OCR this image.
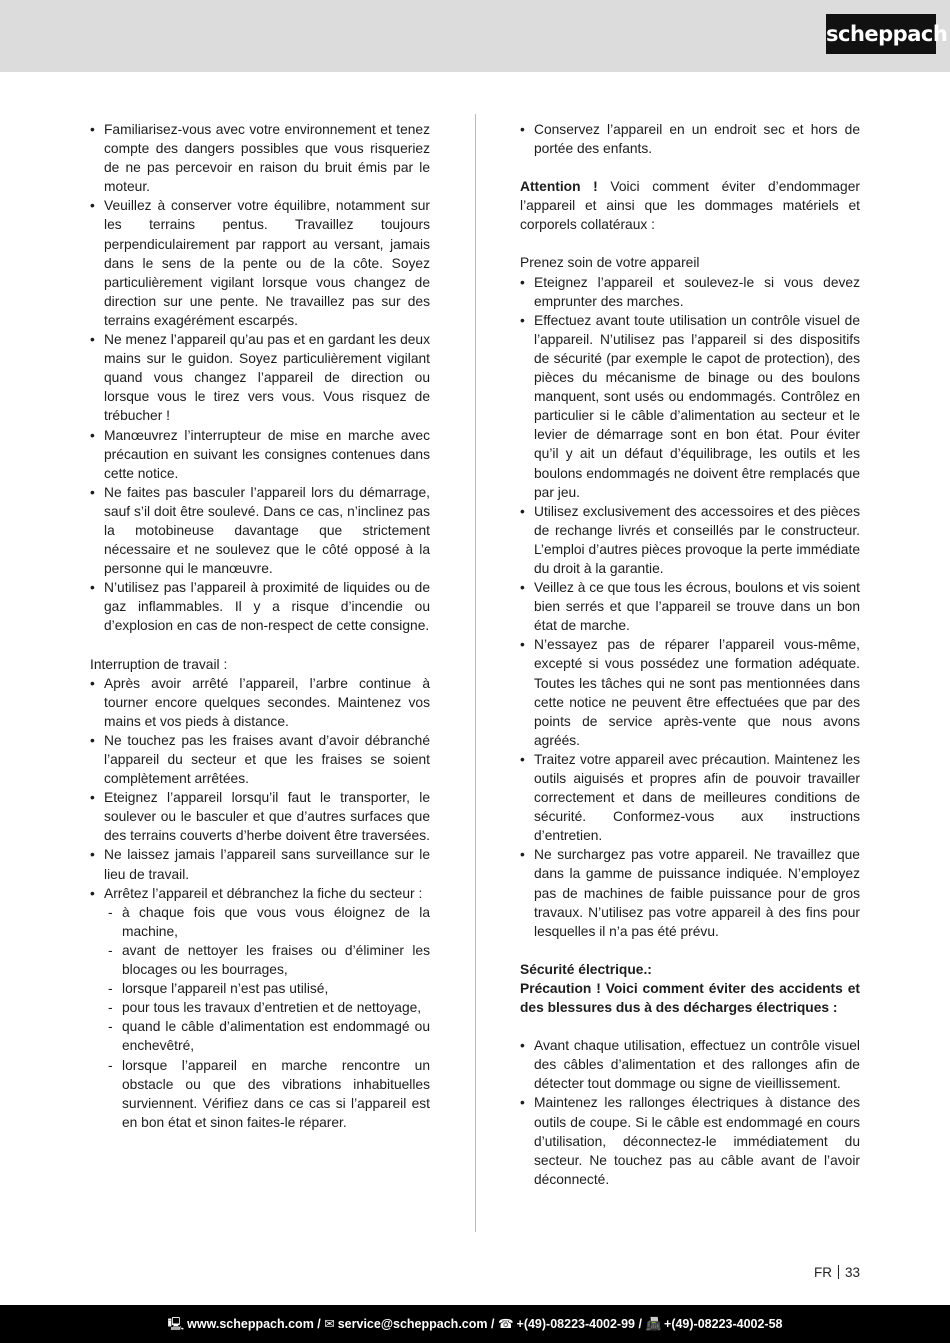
scheppach
• Familiarisez-vous avec votre environnement et tenez compte des dangers possibles que vous risqueriez de ne pas percevoir en raison du bruit émis par le moteur.
• Veuillez à conserver votre équilibre, notamment sur les terrains pentus. Travaillez toujours perpendiculairement par rapport au versant, jamais dans le sens de la pente ou de la côte. Soyez particulièrement vigilant lorsque vous changez de direction sur une pente. Ne travaillez pas sur des terrains exagérément escarpés.
• Ne menez l’appareil qu’au pas et en gardant les deux mains sur le guidon. Soyez particulièrement vigilant quand vous changez l’appareil de direction ou lorsque vous le tirez vers vous. Vous risquez de trébucher !
• Manœuvrez l’interrupteur de mise en marche avec précaution en suivant les consignes contenues dans cette notice.
• Ne faites pas basculer l’appareil lors du démarrage, sauf s’il doit être soulevé. Dans ce cas, n’inclinez pas la motobineuse davantage que strictement nécessaire et ne soulevez que le côté opposé à la personne qui le manœuvre.
• N’utilisez pas l’appareil à proximité de liquides ou de gaz inflammables. Il y a risque d’incendie ou d’explosion en cas de non-respect de cette consigne.

Interruption de travail :

• Après avoir arrêté l’appareil, l’arbre continue à tourner encore quelques secondes. Maintenez vos mains et vos pieds à distance.
• Ne touchez pas les fraises avant d’avoir débranché l’appareil du secteur et que les fraises se soient complètement arrêtées.
• Eteignez l’appareil lorsqu’il faut le transporter, le soulever ou le basculer et que d’autres surfaces que des terrains couverts d’herbe doivent être traversées.
• Ne laissez jamais l’appareil sans surveillance sur le lieu de travail.
• Arrêtez l’appareil et débranchez la fiche du secteur :
- à chaque fois que vous vous éloignez de la machine,
- avant de nettoyer les fraises ou d’éliminer les blocages ou les bourrages,
- lorsque l’appareil n’est pas utilisé,
- pour tous les travaux d’entretien et de nettoyage,
- quand le câble d’alimentation est endommagé ou enchevêtré,
- lorsque l’appareil en marche rencontre un obstacle ou que des vibrations inhabituelles surviennent. Vérifiez dans ce cas si l’appareil est en bon état et sinon faites-le réparer.
• Conservez l’appareil en un endroit sec et hors de portée des enfants.

Attention ! Voici comment éviter d’endommager l’appareil et ainsi que les dommages matériels et corporels collatéraux :

Prenez soin de votre appareil

• Eteignez l’appareil et soulevez-le si vous devez emprunter des marches.
• Effectuez avant toute utilisation un contrôle visuel de l’appareil. N’utilisez pas l’appareil si des dispositifs de sécurité (par exemple le capot de protection), des pièces du mécanisme de binage ou des boulons manquent, sont usés ou endommagés. Contrôlez en particulier si le câble d’alimentation au secteur et le levier de démarrage sont en bon état. Pour éviter qu’il y ait un défaut d’équilibrage, les outils et les boulons endommagés ne doivent être remplacés que par jeu.
• Utilisez exclusivement des accessoires et des pièces de rechange livrés et conseillés par le constructeur. L’emploi d’autres pièces provoque la perte immédiate du droit à la garantie.
• Veillez à ce que tous les écrous, boulons et vis soient bien serrés et que l’appareil se trouve dans un bon état de marche.
• N’essayez pas de réparer l’appareil vous-même, excepté si vous possédez une formation adéquate. Toutes les tâches qui ne sont pas mentionnées dans cette notice ne peuvent être effectuées que par des points de service après-vente que nous avons agréés.
• Traitez votre appareil avec précaution. Maintenez les outils aiguisés et propres afin de pouvoir travailler correctement et dans de meilleures conditions de sécurité. Conformez-vous aux instructions d’entretien.
• Ne surchargez pas votre appareil. Ne travaillez que dans la gamme de puissance indiquée. N’employez pas de machines de faible puissance pour de gros travaux. N’utilisez pas votre appareil à des fins pour lesquelles il n’a pas été prévu.

Sécurité électrique.:

Précaution ! Voici comment éviter des accidents et des blessures dus à des décharges électriques :

• Avant chaque utilisation, effectuez un contrôle visuel des câbles d’alimentation et des rallonges afin de détecter tout dommage ou signe de vieillissement.
• Maintenez les rallonges électriques à distance des outils de coupe. Si le câble est endommagé en cours d’utilisation, déconnectez-le immédiatement du secteur. Ne touchez pas au câble avant de l’avoir déconnecté.
FR 33
🖳 www.scheppach.com / ✉ service@scheppach.com / ☎ +(49)-08223-4002-99 / 📠 +(49)-08223-4002-58
